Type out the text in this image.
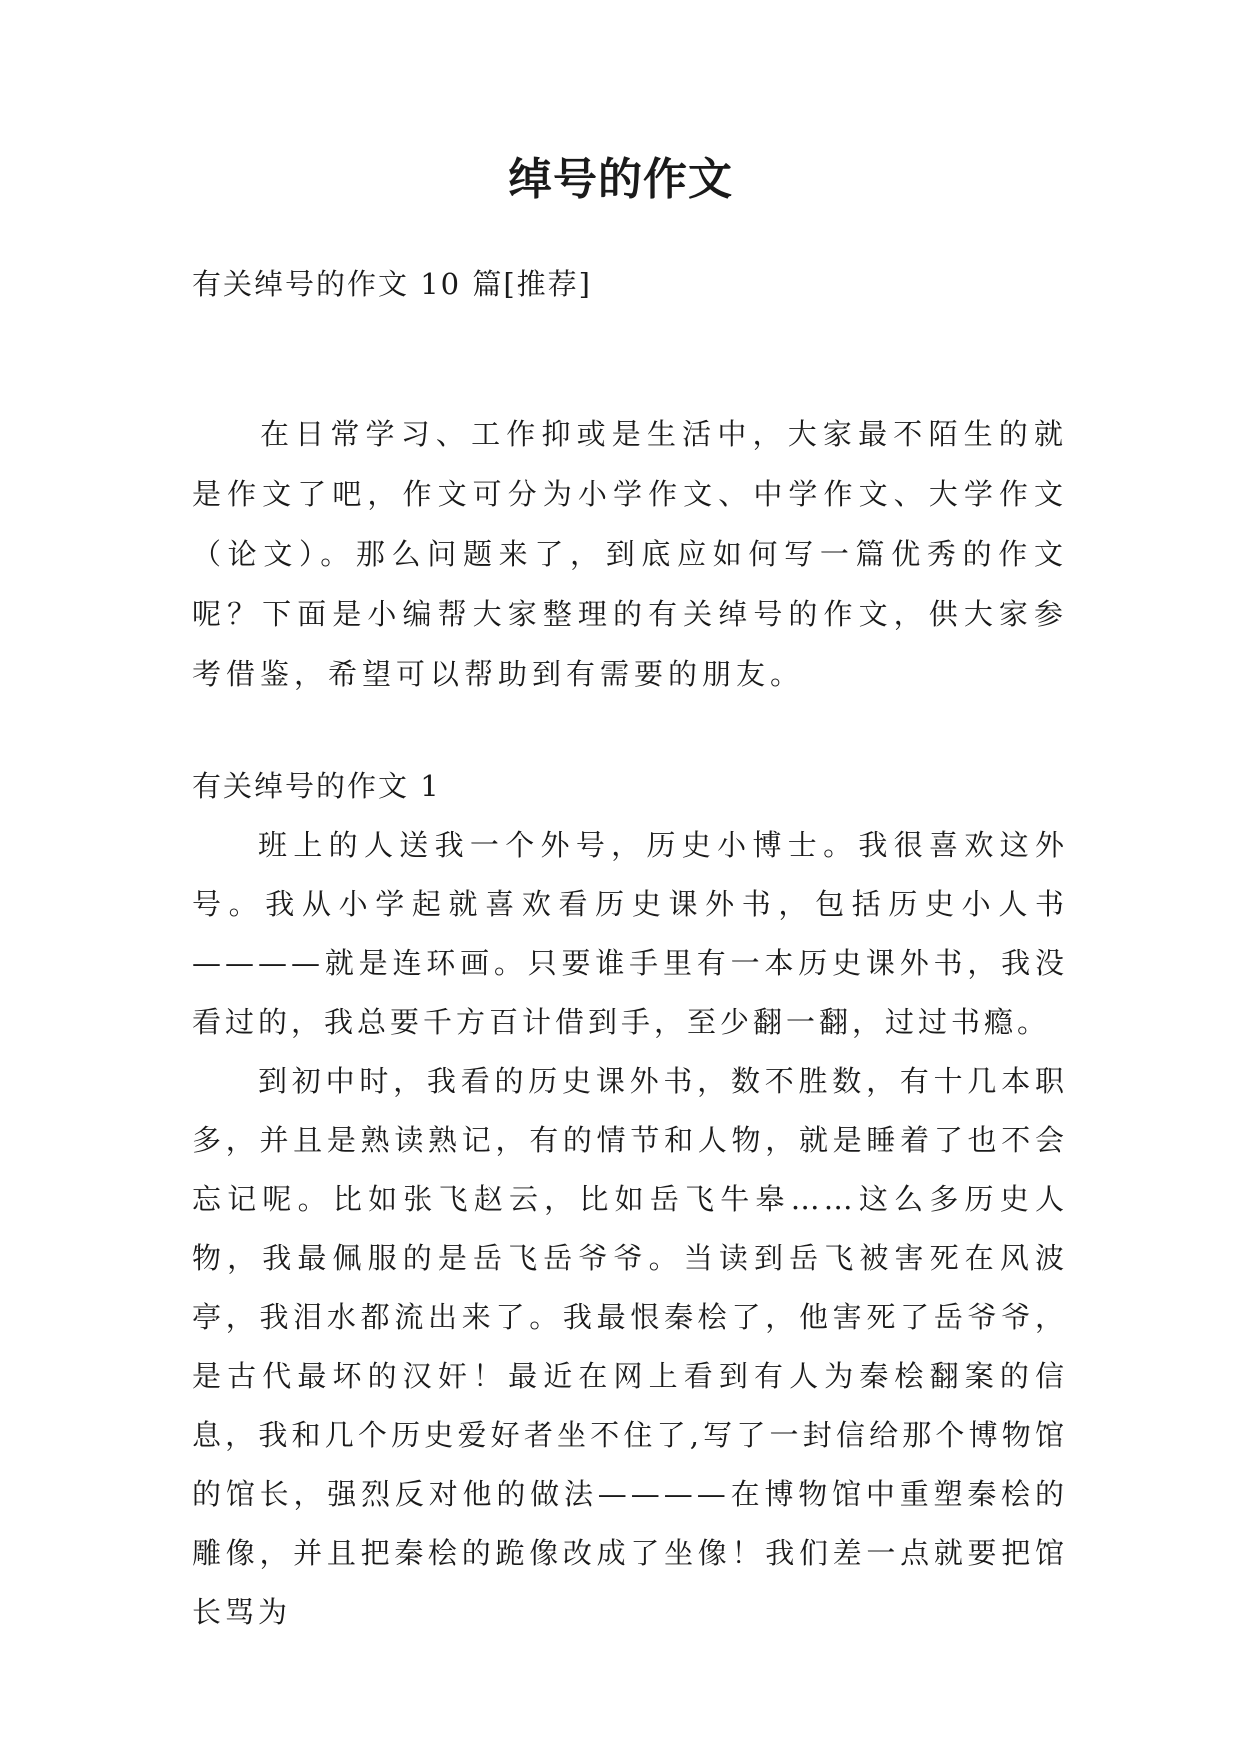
绰号的作文
有关绰号的作文 10 篇[推荐]

在日常学习、工作抑或是生活中，大家最不陌生的就是作文了吧，作文可分为小学作文、中学作文、大学作文（论文）。那么问题来了，到底应如何写一篇优秀的作文呢？下面是小编帮大家整理的有关绰号的作文，供大家参考借鉴，希望可以帮助到有需要的朋友。

有关绰号的作文 1

班上的人送我一个外号，历史小博士。我很喜欢这外号。我从小学起就喜欢看历史课外书，包括历史小人书————就是连环画。只要谁手里有一本历史课外书，我没看过的，我总要千方百计借到手，至少翻一翻，过过书瘾。

到初中时，我看的历史课外书，数不胜数，有十几本职多，并且是熟读熟记，有的情节和人物，就是睡着了也不会忘记呢。比如张飞赵云，比如岳飞牛皋……这么多历史人物，我最佩服的是岳飞岳爷爷。当读到岳飞被害死在风波亭，我泪水都流出来了。我最恨秦桧了，他害死了岳爷爷，是古代最坏的汉奸！最近在网上看到有人为秦桧翻案的信息，我和几个历史爱好者坐不住了,写了一封信给那个博物馆的馆长，强烈反对他的做法————在博物馆中重塑秦桧的雕像，并且把秦桧的跪像改成了坐像！我们差一点就要把馆长骂为
